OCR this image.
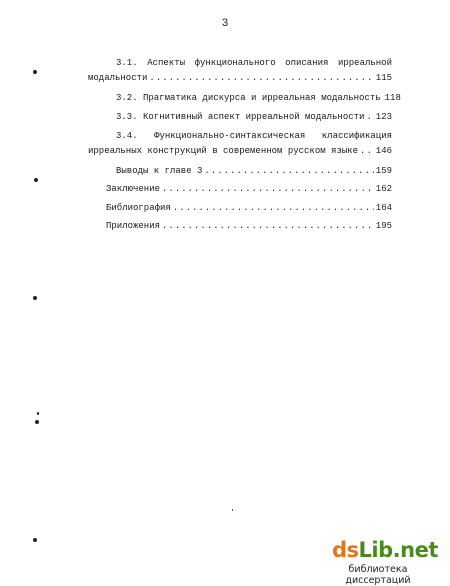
3
3.1. Аспекты функционального описания ирреальной
модальности .....	115
3.2. Прагматика дискурса и ирреальная модальность 118
3.3. Когнитивный аспект ирреальной модальности ..... 123
3.4. Функционально-синтаксическая классификация
ирреальных конструкций в современном русском языке ..... 146
Выводы к главе 3 .....	159
Заключение .....	162
Библиография .....	164
Приложения .....	195
dsLib.net
библиотека диссертаций
